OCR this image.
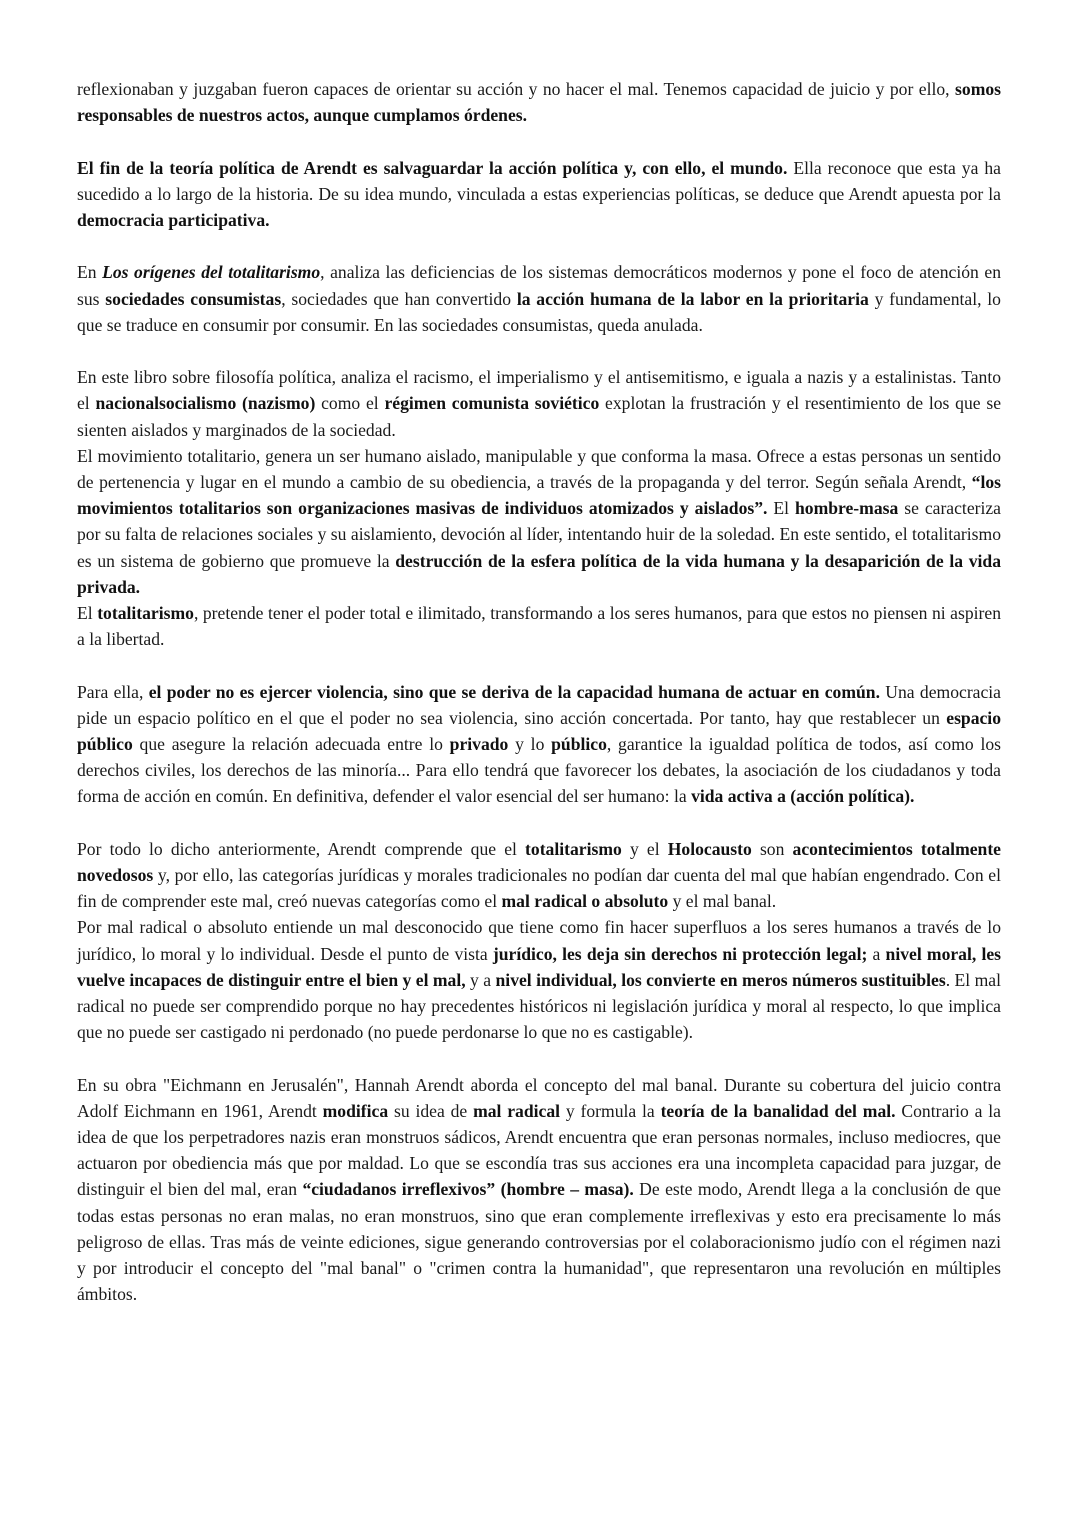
reflexionaban y juzgaban fueron capaces de orientar su acción y no hacer el mal. Tenemos capacidad de juicio y por ello, somos responsables de nuestros actos, aunque cumplamos órdenes.

El fin de la teoría política de Arendt es salvaguardar la acción política y, con ello, el mundo. Ella reconoce que esta ya ha sucedido a lo largo de la historia. De su idea mundo, vinculada a estas experiencias políticas, se deduce que Arendt apuesta por la democracia participativa.

En Los orígenes del totalitarismo, analiza las deficiencias de los sistemas democráticos modernos y pone el foco de atención en sus sociedades consumistas, sociedades que han convertido la acción humana de la labor en la prioritaria y fundamental, lo que se traduce en consumir por consumir. En las sociedades consumistas, queda anulada.

En este libro sobre filosofía política, analiza el racismo, el imperialismo y el antisemitismo, e iguala a nazis y a estalinistas. Tanto el nacionalsocialismo (nazismo) como el régimen comunista soviético explotan la frustración y el resentimiento de los que se sienten aislados y marginados de la sociedad.

El movimiento totalitario, genera un ser humano aislado, manipulable y que conforma la masa. Ofrece a estas personas un sentido de pertenencia y lugar en el mundo a cambio de su obediencia, a través de la propaganda y del terror. Según señala Arendt, “los movimientos totalitarios son organizaciones masivas de individuos atomizados y aislados”. El hombre-masa se caracteriza por su falta de relaciones sociales y su aislamiento, devoción al líder, intentando huir de la soledad. En este sentido, el totalitarismo es un sistema de gobierno que promueve la destrucción de la esfera política de la vida humana y la desaparición de la vida privada.

El totalitarismo, pretende tener el poder total e ilimitado, transformando a los seres humanos, para que estos no piensen ni aspiren a la libertad.

Para ella, el poder no es ejercer violencia, sino que se deriva de la capacidad humana de actuar en común. Una democracia pide un espacio político en el que el poder no sea violencia, sino acción concertada. Por tanto, hay que restablecer un espacio público que asegure la relación adecuada entre lo privado y lo público, garantice la igualdad política de todos, así como los derechos civiles, los derechos de las minoría... Para ello tendrá que favorecer los debates, la asociación de los ciudadanos y toda forma de acción en común. En definitiva, defender el valor esencial del ser humano: la vida activa a (acción política).

Por todo lo dicho anteriormente, Arendt comprende que el totalitarismo y el Holocausto son acontecimientos totalmente novedosos y, por ello, las categorías jurídicas y morales tradicionales no podían dar cuenta del mal que habían engendrado. Con el fin de comprender este mal, creó nuevas categorías como el mal radical o absoluto y el mal banal.

Por mal radical o absoluto entiende un mal desconocido que tiene como fin hacer superfluos a los seres humanos a través de lo jurídico, lo moral y lo individual. Desde el punto de vista jurídico, les deja sin derechos ni protección legal; a nivel moral, les vuelve incapaces de distinguir entre el bien y el mal, y a nivel individual, los convierte en meros números sustituibles. El mal radical no puede ser comprendido porque no hay precedentes históricos ni legislación jurídica y moral al respecto, lo que implica que no puede ser castigado ni perdonado (no puede perdonarse lo que no es castigable).

En su obra "Eichmann en Jerusalén", Hannah Arendt aborda el concepto del mal banal. Durante su cobertura del juicio contra Adolf Eichmann en 1961, Arendt modifica su idea de mal radical y formula la teoría de la banalidad del mal. Contrario a la idea de que los perpetradores nazis eran monstruos sádicos, Arendt encuentra que eran personas normales, incluso mediocres, que actuaron por obediencia más que por maldad. Lo que se escondía tras sus acciones era una incompleta capacidad para juzgar, de distinguir el bien del mal, eran “ciudadanos irreflexivos” (hombre – masa). De este modo, Arendt llega a la conclusión de que todas estas personas no eran malas, no eran monstruos, sino que eran complemente irreflexivas y esto era precisamente lo más peligroso de ellas. Tras más de veinte ediciones, sigue generando controversias por el colaboracionismo judío con el régimen nazi y por introducir el concepto del "mal banal" o "crimen contra la humanidad", que representaron una revolución en múltiples ámbitos.
